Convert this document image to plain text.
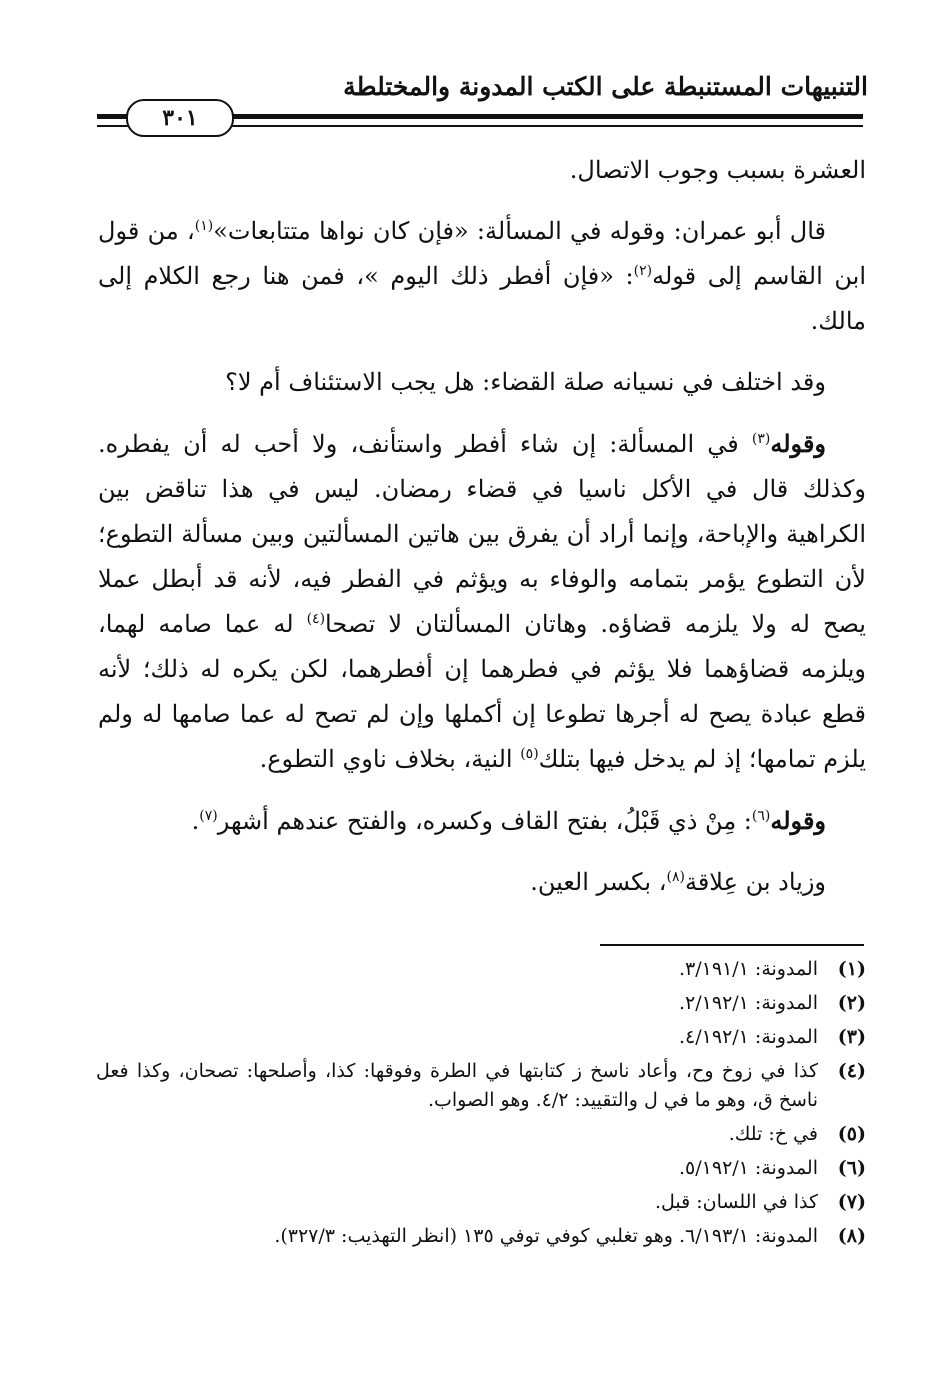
التنبيهات المستنبطة على الكتب المدونة والمختلطة
٣٠١

العشرة بسبب وجوب الاتصال.

قال أبو عمران: وقوله في المسألة: «فإن كان نواها متتابعات»$^{(١)}$، من قول ابن القاسم إلى قوله$^{(٢)}$: «فإن أفطر ذلك اليوم »، فمن هنا رجع الكلام إلى مالك.

وقد اختلف في نسيانه صلة القضاء: هل يجب الاستئناف أم لا؟

وقوله$^{(٣)}$ في المسألة: إن شاء أفطر واستأنف، ولا أحب له أن يفطره. وكذلك قال في الأكل ناسيا في قضاء رمضان. ليس في هذا تناقض بين الكراهية والإباحة، وإنما أراد أن يفرق بين هاتين المسألتين وبين مسألة التطوع؛ لأن التطوع يؤمر بتمامه والوفاء به ويؤثم في الفطر فيه، لأنه قد أبطل عملا يصح له ولا يلزمه قضاؤه. وهاتان المسألتان لا تصحا$^{(٤)}$ له عما صامه لهما، ويلزمه قضاؤهما فلا يؤثم في فطرهما إن أفطرهما، لكن يكره له ذلك؛ لأنه قطع عبادة يصح له أجرها تطوعا إن أكملها وإن لم تصح له عما صامها له ولم يلزم تمامها؛ إذ لم يدخل فيها بتلك$^{(٥)}$ النية، بخلاف ناوي التطوع.

وقوله$^{(٦)}$: مِنْ ذي قَبْلُ، بفتح القاف وكسره، والفتح عندهم أشهر$^{(٧)}$.

وزياد بن عِلاقة$^{(٨)}$، بكسر العين.

(١)
المدونة: ٣/١٩١/١.
(٢)
المدونة: ٢/١٩٢/١.
(٣)
المدونة: ٤/١٩٢/١.
(٤)
كذا في زوخ وح، وأعاد ناسخ ز كتابتها في الطرة وفوقها: كذا، وأصلحها: تصحان، وكذا فعل ناسخ ق، وهو ما في ل والتقييد: ٤/٢. وهو الصواب.
(٥)
في خ: تلك.
(٦)
المدونة: ٥/١٩٢/١.
(٧)
كذا في اللسان: قبل.
(٨)
المدونة: ٦/١٩٣/١. وهو تغلبي كوفي توفي ١٣٥ (انظر التهذيب: ٣٢٧/٣).
